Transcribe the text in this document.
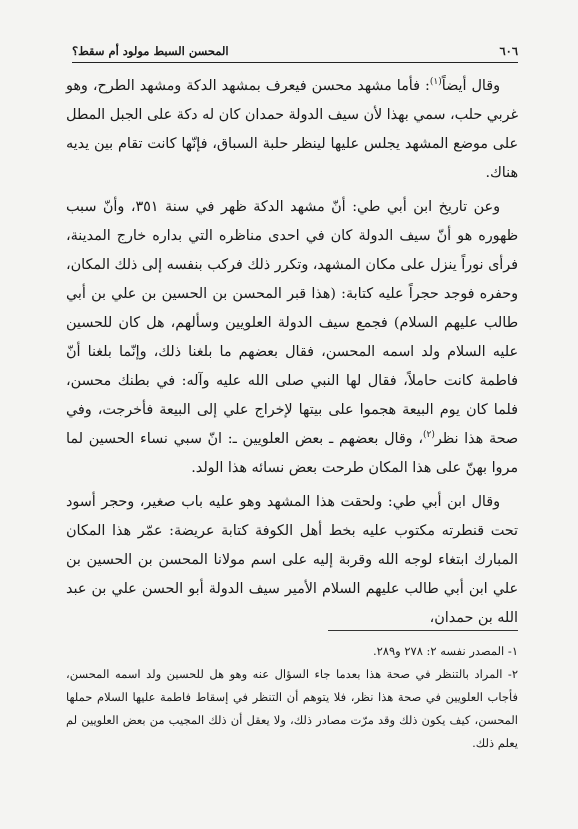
٦٠٦
المحسن السبط مولود أم سقط؟

وقال أيضاً$^{(١)}$: فأما مشهد محسن فيعرف بمشهد الدكة ومشهد الطرح، وهو غربي حلب، سمي بهذا لأن سيف الدولة حمدان كان له دكة على الجبل المطل على موضع المشهد يجلس عليها لينظر حلبة السباق، فإنّها كانت تقام بين يديه هناك.

وعن تاريخ ابن أبي طي: أنّ مشهد الدكة ظهر في سنة ٣٥١، وأنّ سبب ظهوره هو أنّ سيف الدولة كان في احدى مناظره التي بداره خارج المدينة، فرأى نوراً ينزل على مكان المشهد، وتكرر ذلك فركب بنفسه إلى ذلك المكان، وحفره فوجد حجراً عليه كتابة: (هذا قبر المحسن بن الحسين بن علي بن أبي طالب عليهم السلام) فجمع سيف الدولة العلويين وسألهم، هل كان للحسين عليه السلام ولد اسمه المحسن، فقال بعضهم ما بلغنا ذلك، وإنّما بلغنا أنّ فاطمة كانت حاملاً، فقال لها النبي صلى الله عليه وآله: في بطنك محسن، فلما كان يوم البيعة هجموا على بيتها لإخراج علي إلى البيعة فأخرجت، وفي صحة هذا نظر$^{(٢)}$، وقال بعضهم ـ بعض العلويين ـ: انّ سبي نساء الحسين لما مروا بهنّ على هذا المكان طرحت بعض نسائه هذا الولد.

وقال ابن أبي طي: ولحقت هذا المشهد وهو عليه باب صغير، وحجر أسود تحت قنطرته مكتوب عليه بخط أهل الكوفة كتابة عريضة: عمّر هذا المكان المبارك ابتغاء لوجه الله وقربة إليه على اسم مولانا المحسن بن الحسين بن علي ابن أبي طالب عليهم السلام الأمير سيف الدولة أبو الحسن علي بن عبد الله بن حمدان،

١- المصدر نفسه ٢: ٢٧٨ و٢٨٩.

٢- المراد بالتنظر في صحة هذا بعدما جاء السؤال عنه وهو هل للحسين ولد اسمه المحسن، فأجاب العلويين في صحة هذا نظر، فلا يتوهم أن التنظر في إسقاط فاطمة عليها السلام حملها المحسن، كيف يكون ذلك وقد مرّت مصادر ذلك، ولا يعقل أن ذلك المجيب من بعض العلويين لم يعلم ذلك.
